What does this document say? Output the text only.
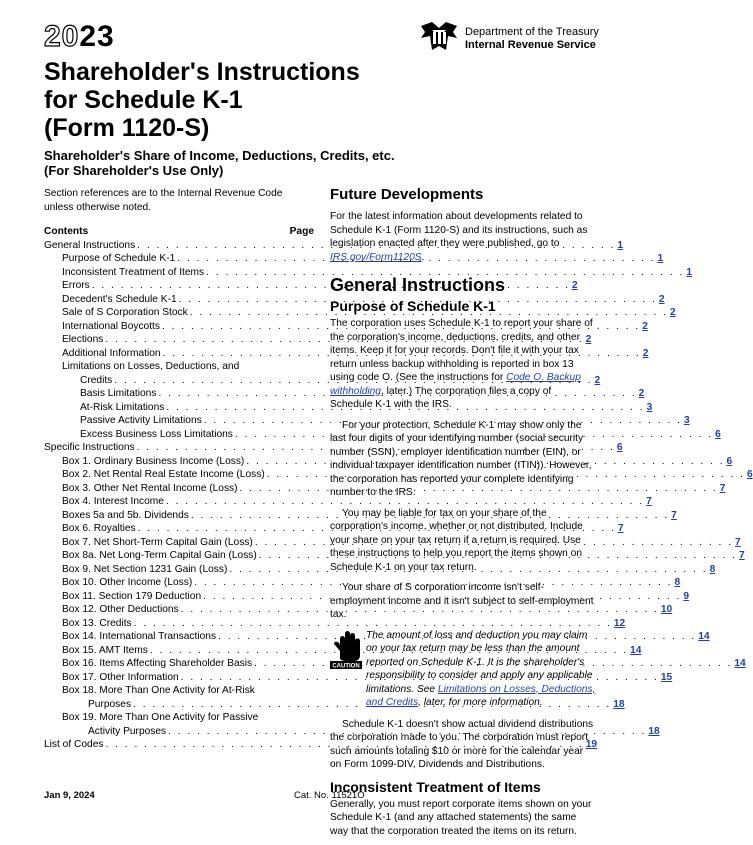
2023	Department of the Treasury
Internal Revenue Service
Shareholder's Instructions
for Schedule K-1
(Form 1120-S)
Shareholder's Share of Income, Deductions, Credits, etc.
(For Shareholder's Use Only)

Section references are to the Internal Revenue Code unless otherwise noted.

Contents	Page
General Instructions . . .	1
Purpose of Schedule K-1 . . .	1
Inconsistent Treatment of Items . . .	1
Errors . . .	2
Decedent's Schedule K-1 . . .	2
Sale of S Corporation Stock . . .	2
International Boycotts . . .	2
Elections . . .	2
Additional Information . . .	2
Limitations on Losses, Deductions, and
Credits . . .	2
Basis Limitations . . .	2
At-Risk Limitations . . .	3
Passive Activity Limitations . . .	3
Excess Business Loss Limitations . . .	6
Specific Instructions . . .	6
Box 1. Ordinary Business Income (Loss) . . .	6
Box 2. Net Rental Real Estate Income (Loss) . . .	6
Box 3. Other Net Rental Income (Loss) . . .	7
Box 4. Interest Income . . .	7
Boxes 5a and 5b. Dividends . . .	7
Box 6. Royalties . . .	7
Box 7. Net Short-Term Capital Gain (Loss) . . .	7
Box 8a. Net Long-Term Capital Gain (Loss) . . .	7
Box 9. Net Section 1231 Gain (Loss) . . .	8
Box 10. Other Income (Loss) . . .	8
Box 11. Section 179 Deduction . . .	9
Box 12. Other Deductions . . .	10
Box 13. Credits . . .	12
Box 14. International Transactions . . .	14
Box 15. AMT Items . . .	14
Box 16. Items Affecting Shareholder Basis . . .	14
Box 17. Other Information . . .	15
Box 18. More Than One Activity for At-Risk
Purposes . . .	18
Box 19. More Than One Activity for Passive
Activity Purposes . . .	18
List of Codes . . .	19
Future Developments

For the latest information about developments related to Schedule K-1 (Form 1120-S) and its instructions, such as legislation enacted after they were published, go to IRS.gov/Form1120S.

General Instructions
Purpose of Schedule K-1

The corporation uses Schedule K-1 to report your share of the corporation's income, deductions, credits, and other items. Keep it for your records. Don't file it with your tax return unless backup withholding is reported in box 13 using code O. (See the instructions for Code O. Backup withholding, later.) The corporation files a copy of Schedule K-1 with the IRS.

For your protection, Schedule K-1 may show only the last four digits of your identifying number (social security number (SSN), employer identification number (EIN), or individual taxpayer identification number (ITIN)). However, the corporation has reported your complete identifying number to the IRS.

You may be liable for tax on your share of the corporation's income, whether or not distributed. Include your share on your tax return if a return is required. Use these instructions to help you report the items shown on Schedule K-1 on your tax return.

Your share of S corporation income isn't self-employment income and it isn't subject to self-employment tax.

CAUTION

The amount of loss and deduction you may claim on your tax return may be less than the amount reported on Schedule K-1. It is the shareholder's responsibility to consider and apply any applicable limitations. See Limitations on Losses, Deductions, and Credits, later, for more information.

Schedule K-1 doesn't show actual dividend distributions the corporation made to you. The corporation must report such amounts totaling $10 or more for the calendar year on Form 1099-DIV, Dividends and Distributions.

Inconsistent Treatment of Items

Generally, you must report corporate items shown on your Schedule K-1 (and any attached statements) the same way that the corporation treated the items on its return.

Jan 9, 2024	Cat. No. 11521O
